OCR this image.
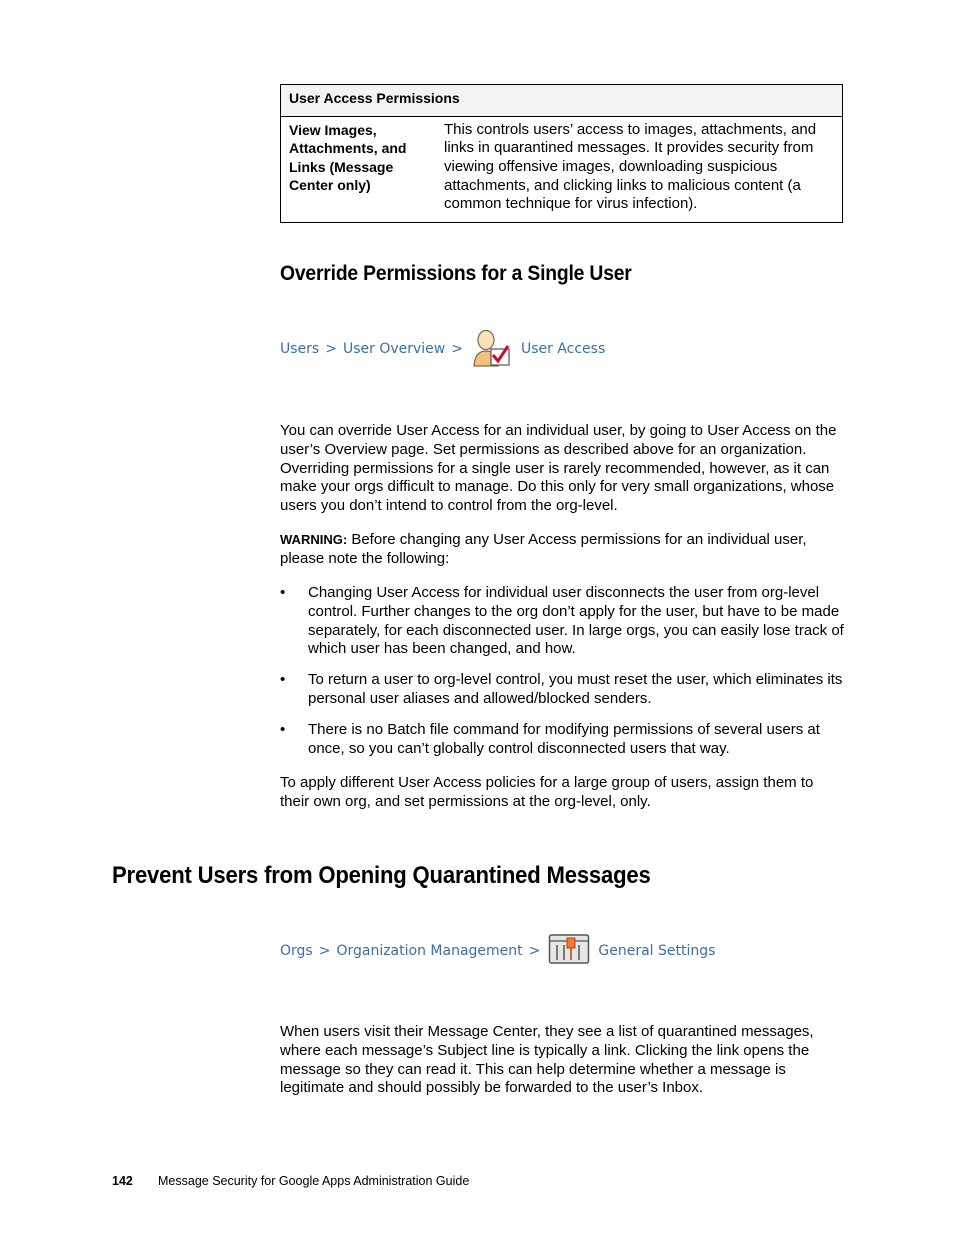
User Access Permissions
View Images, Attachments, and Links (Message Center only)	This controls users’ access to images, attachments, and links in quarantined messages. It provides security from viewing offensive images, downloading suspicious attachments, and clicking links to malicious content (a common technique for virus infection).
Override Permissions for a Single User
Users > User Overview >	User Access

You can override User Access for an individual user, by going to User Access on the user’s Overview page. Set permissions as described above for an organization. Overriding permissions for a single user is rarely recommended, however, as it can make your orgs difficult to manage. Do this only for very small organizations, whose users you don’t intend to control from the org-level.

WARNING: Before changing any User Access permissions for an individual user, please note the following:

• Changing User Access for individual user disconnects the user from org-level control. Further changes to the org don’t apply for the user, but have to be made separately, for each disconnected user. In large orgs, you can easily lose track of which user has been changed, and how.
• To return a user to org-level control, you must reset the user, which eliminates its personal user aliases and allowed/blocked senders.
• There is no Batch file command for modifying permissions of several users at once, so you can’t globally control disconnected users that way.

To apply different User Access policies for a large group of users, assign them to their own org, and set permissions at the org-level, only.

Prevent Users from Opening Quarantined Messages
Orgs > Organization Management >	General Settings

When users visit their Message Center, they see a list of quarantined messages, where each message’s Subject line is typically a link. Clicking the link opens the message so they can read it. This can help determine whether a message is legitimate and should possibly be forwarded to the user’s Inbox.

142 Message Security for Google Apps Administration Guide
